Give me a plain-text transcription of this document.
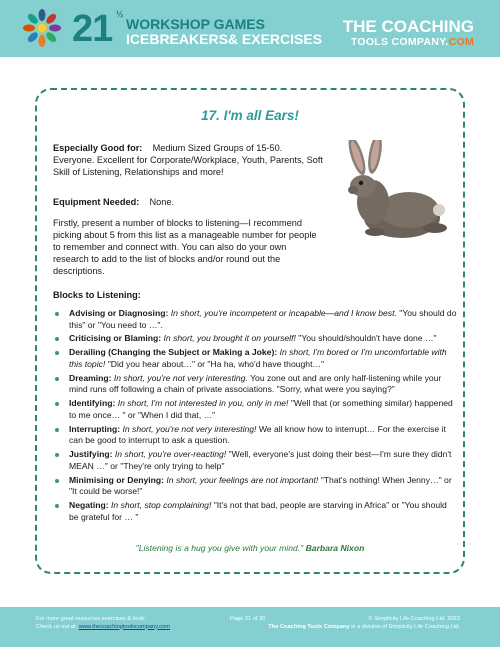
21 ½
WORKSHOP GAMES
ICEBREAKERS& EXERCISES
THE COACHING
TOOLS COMPANY.COM
17. I'm all Ears!
Especially Good for: Medium Sized Groups of 15-50. Everyone. Excellent for Corporate/Workplace, Youth, Parents, Soft Skill of Listening, Relationships and more!
Equipment Needed: None.
Firstly, present a number of blocks to listening—I recommend picking about 5 from this list as a manageable number for people to remember and connect with. You can also do your own research to add to the list of blocks and/or round out the descriptions.
Blocks to Listening:
Advising or Diagnosing: In short, you're incompetent or incapable—and I know best. "You should do this" or "You need to …".
Criticising or Blaming: In short, you brought it on yourself! "You should/shouldn't have done …"
Derailing (Changing the Subject or Making a Joke): In short, I'm bored or I'm uncomfortable with this topic! "Did you hear about…" or "Ha ha, who'd have thought…"
Dreaming: In short, you're not very interesting. You zone out and are only half-listening while your mind runs off following a chain of private associations. "Sorry, what were you saying?"
Identifying: In short, I'm not interested in you, only in me! "Well that (or something similar) happened to me once… " or "When I did that, …"
Interrupting: In short, you're not very interesting! We all know how to interrupt… For the exercise it can be good to interrupt to ask a question.
Justifying: In short, you're over-reacting! "Well, everyone's just doing their best—I'm sure they didn't MEAN …" or "They're only trying to help"
Minimising or Denying: In short, your feelings are not important! "That's nothing! When Jenny…" or "It could be worse!"
Negating: In short, stop complaining! "It's not that bad, people are starving in Africa" or "You should be grateful for … "
"Listening is a hug you give with your mind." Barbara Nixon
For more great resources exercises & tools
Check us out at: www.thecoachingtoolscompany.com
Page 21 of 30	© Simplicity Life Coaching Ltd. 2023
The Coaching Tools Company is a division of Simplicity Life Coaching Ltd.
